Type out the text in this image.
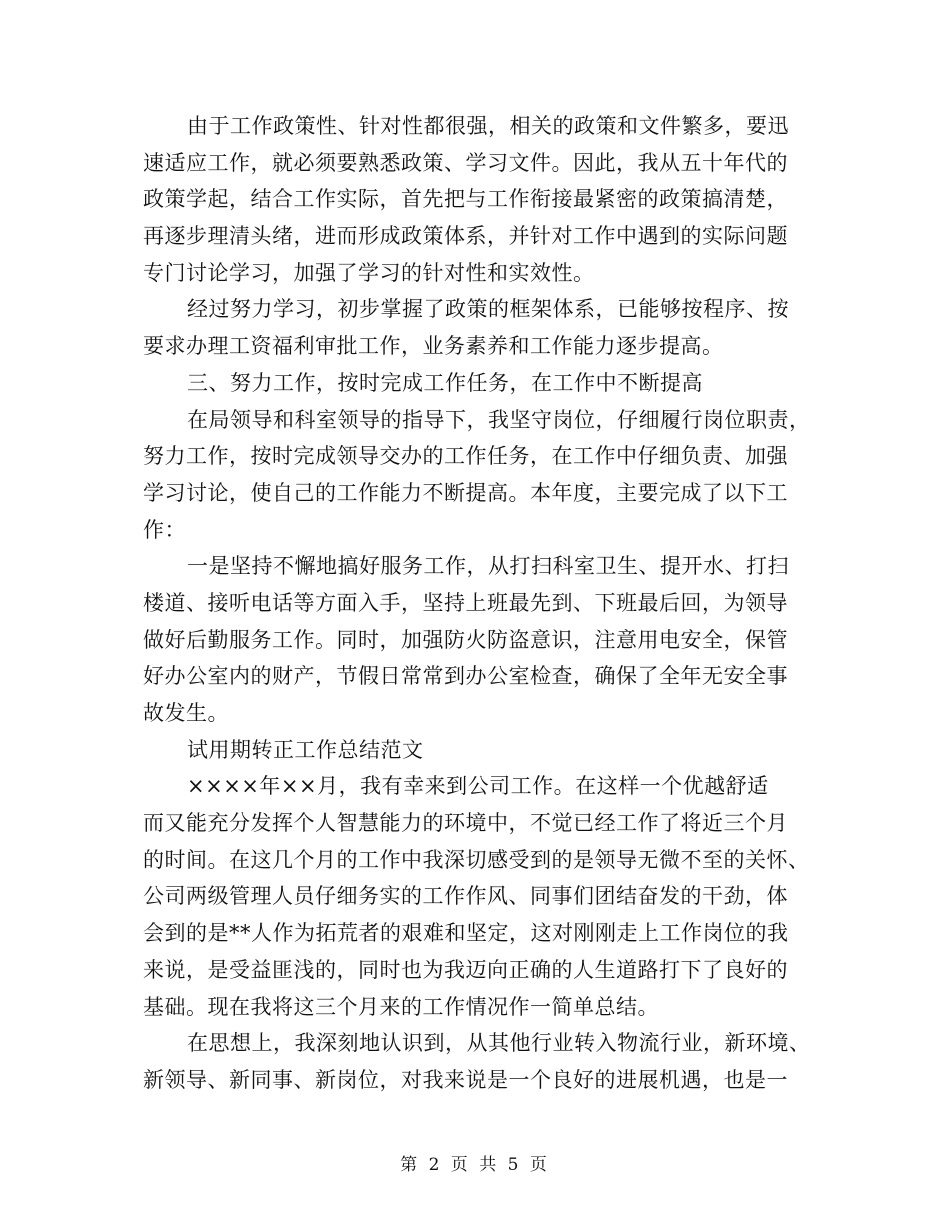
由于工作政策性、针对性都很强，相关的政策和文件繁多，要迅
速适应工作，就必须要熟悉政策、学习文件。因此，我从五十年代的
政策学起，结合工作实际，首先把与工作衔接最紧密的政策搞清楚，
再逐步理清头绪，进而形成政策体系，并针对工作中遇到的实际问题
专门讨论学习，加强了学习的针对性和实效性。
经过努力学习，初步掌握了政策的框架体系，已能够按程序、按
要求办理工资福利审批工作，业务素养和工作能力逐步提高。
三、努力工作，按时完成工作任务，在工作中不断提高
在局领导和科室领导的指导下，我坚守岗位，仔细履行岗位职责，
努力工作，按时完成领导交办的工作任务，在工作中仔细负责、加强
学习讨论，使自己的工作能力不断提高。本年度，主要完成了以下工
作：
一是坚持不懈地搞好服务工作，从打扫科室卫生、提开水、打扫
楼道、接听电话等方面入手，坚持上班最先到、下班最后回，为领导
做好后勤服务工作。同时，加强防火防盗意识，注意用电安全，保管
好办公室内的财产，节假日常常到办公室检查，确保了全年无安全事
故发生。
试用期转正工作总结范文
××××年××月，我有幸来到公司工作。在这样一个优越舒适
而又能充分发挥个人智慧能力的环境中，不觉已经工作了将近三个月
的时间。在这几个月的工作中我深切感受到的是领导无微不至的关怀、
公司两级管理人员仔细务实的工作作风、同事们团结奋发的干劲，体
会到的是**人作为拓荒者的艰难和坚定，这对刚刚走上工作岗位的我
来说，是受益匪浅的，同时也为我迈向正确的人生道路打下了良好的
基础。现在我将这三个月来的工作情况作一简单总结。
在思想上，我深刻地认识到，从其他行业转入物流行业，新环境、
新领导、新同事、新岗位，对我来说是一个良好的进展机遇，也是一
第 2 页 共 5 页
